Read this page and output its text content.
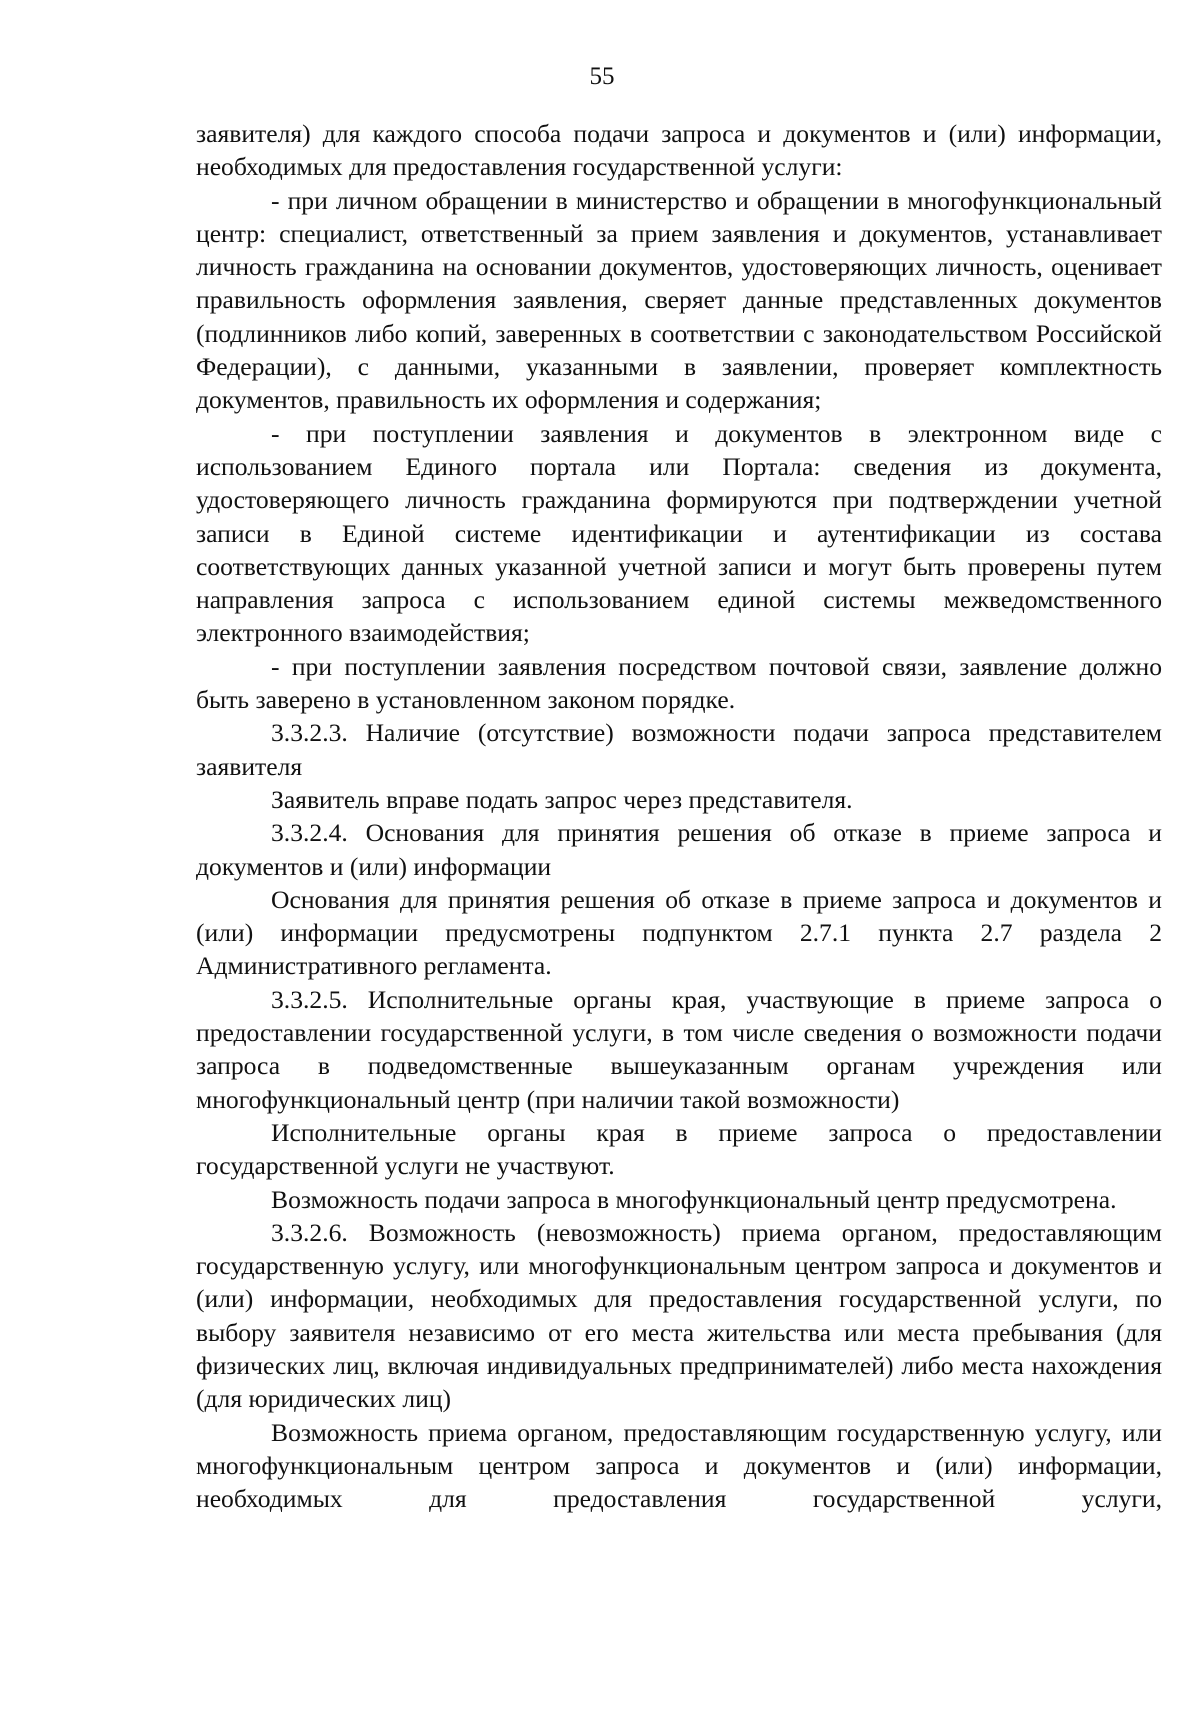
55

заявителя) для каждого способа подачи запроса и документов и (или) информации, необходимых для предоставления государственной услуги:

- при личном обращении в министерство и обращении в многофункциональный центр: специалист, ответственный за прием заявления и документов, устанавливает личность гражданина на основании документов, удостоверяющих личность, оценивает правильность оформления заявления, сверяет данные представленных документов (подлинников либо копий, заверенных в соответствии с законодательством Российской Федерации), с данными, указанными в заявлении, проверяет комплектность документов, правильность их оформления и содержания;

- при поступлении заявления и документов в электронном виде с использованием Единого портала или Портала: сведения из документа, удостоверяющего личность гражданина формируются при подтверждении учетной записи в Единой системе идентификации и аутентификации из состава соответствующих данных указанной учетной записи и могут быть проверены путем направления запроса с использованием единой системы межведомственного электронного взаимодействия;

- при поступлении заявления посредством почтовой связи, заявление должно быть заверено в установленном законом порядке.

3.3.2.3. Наличие (отсутствие) возможности подачи запроса представителем заявителя

Заявитель вправе подать запрос через представителя.

3.3.2.4. Основания для принятия решения об отказе в приеме запроса и документов и (или) информации

Основания для принятия решения об отказе в приеме запроса и документов и (или) информации предусмотрены подпунктом 2.7.1 пункта 2.7 раздела 2 Административного регламента.

3.3.2.5. Исполнительные органы края, участвующие в приеме запроса о предоставлении государственной услуги, в том числе сведения о возможности подачи запроса в подведомственные вышеуказанным органам учреждения или многофункциональный центр (при наличии такой возможности)

Исполнительные органы края в приеме запроса о предоставлении государственной услуги не участвуют.

Возможность подачи запроса в многофункциональный центр предусмотрена.

3.3.2.6. Возможность (невозможность) приема органом, предоставляющим государственную услугу, или многофункциональным центром запроса и документов и (или) информации, необходимых для предоставления государственной услуги, по выбору заявителя независимо от его места жительства или места пребывания (для физических лиц, включая индивидуальных предпринимателей) либо места нахождения (для юридических лиц)

Возможность приема органом, предоставляющим государственную услугу, или многофункциональным центром запроса и документов и (или) информации, необходимых для предоставления государственной услуги,
